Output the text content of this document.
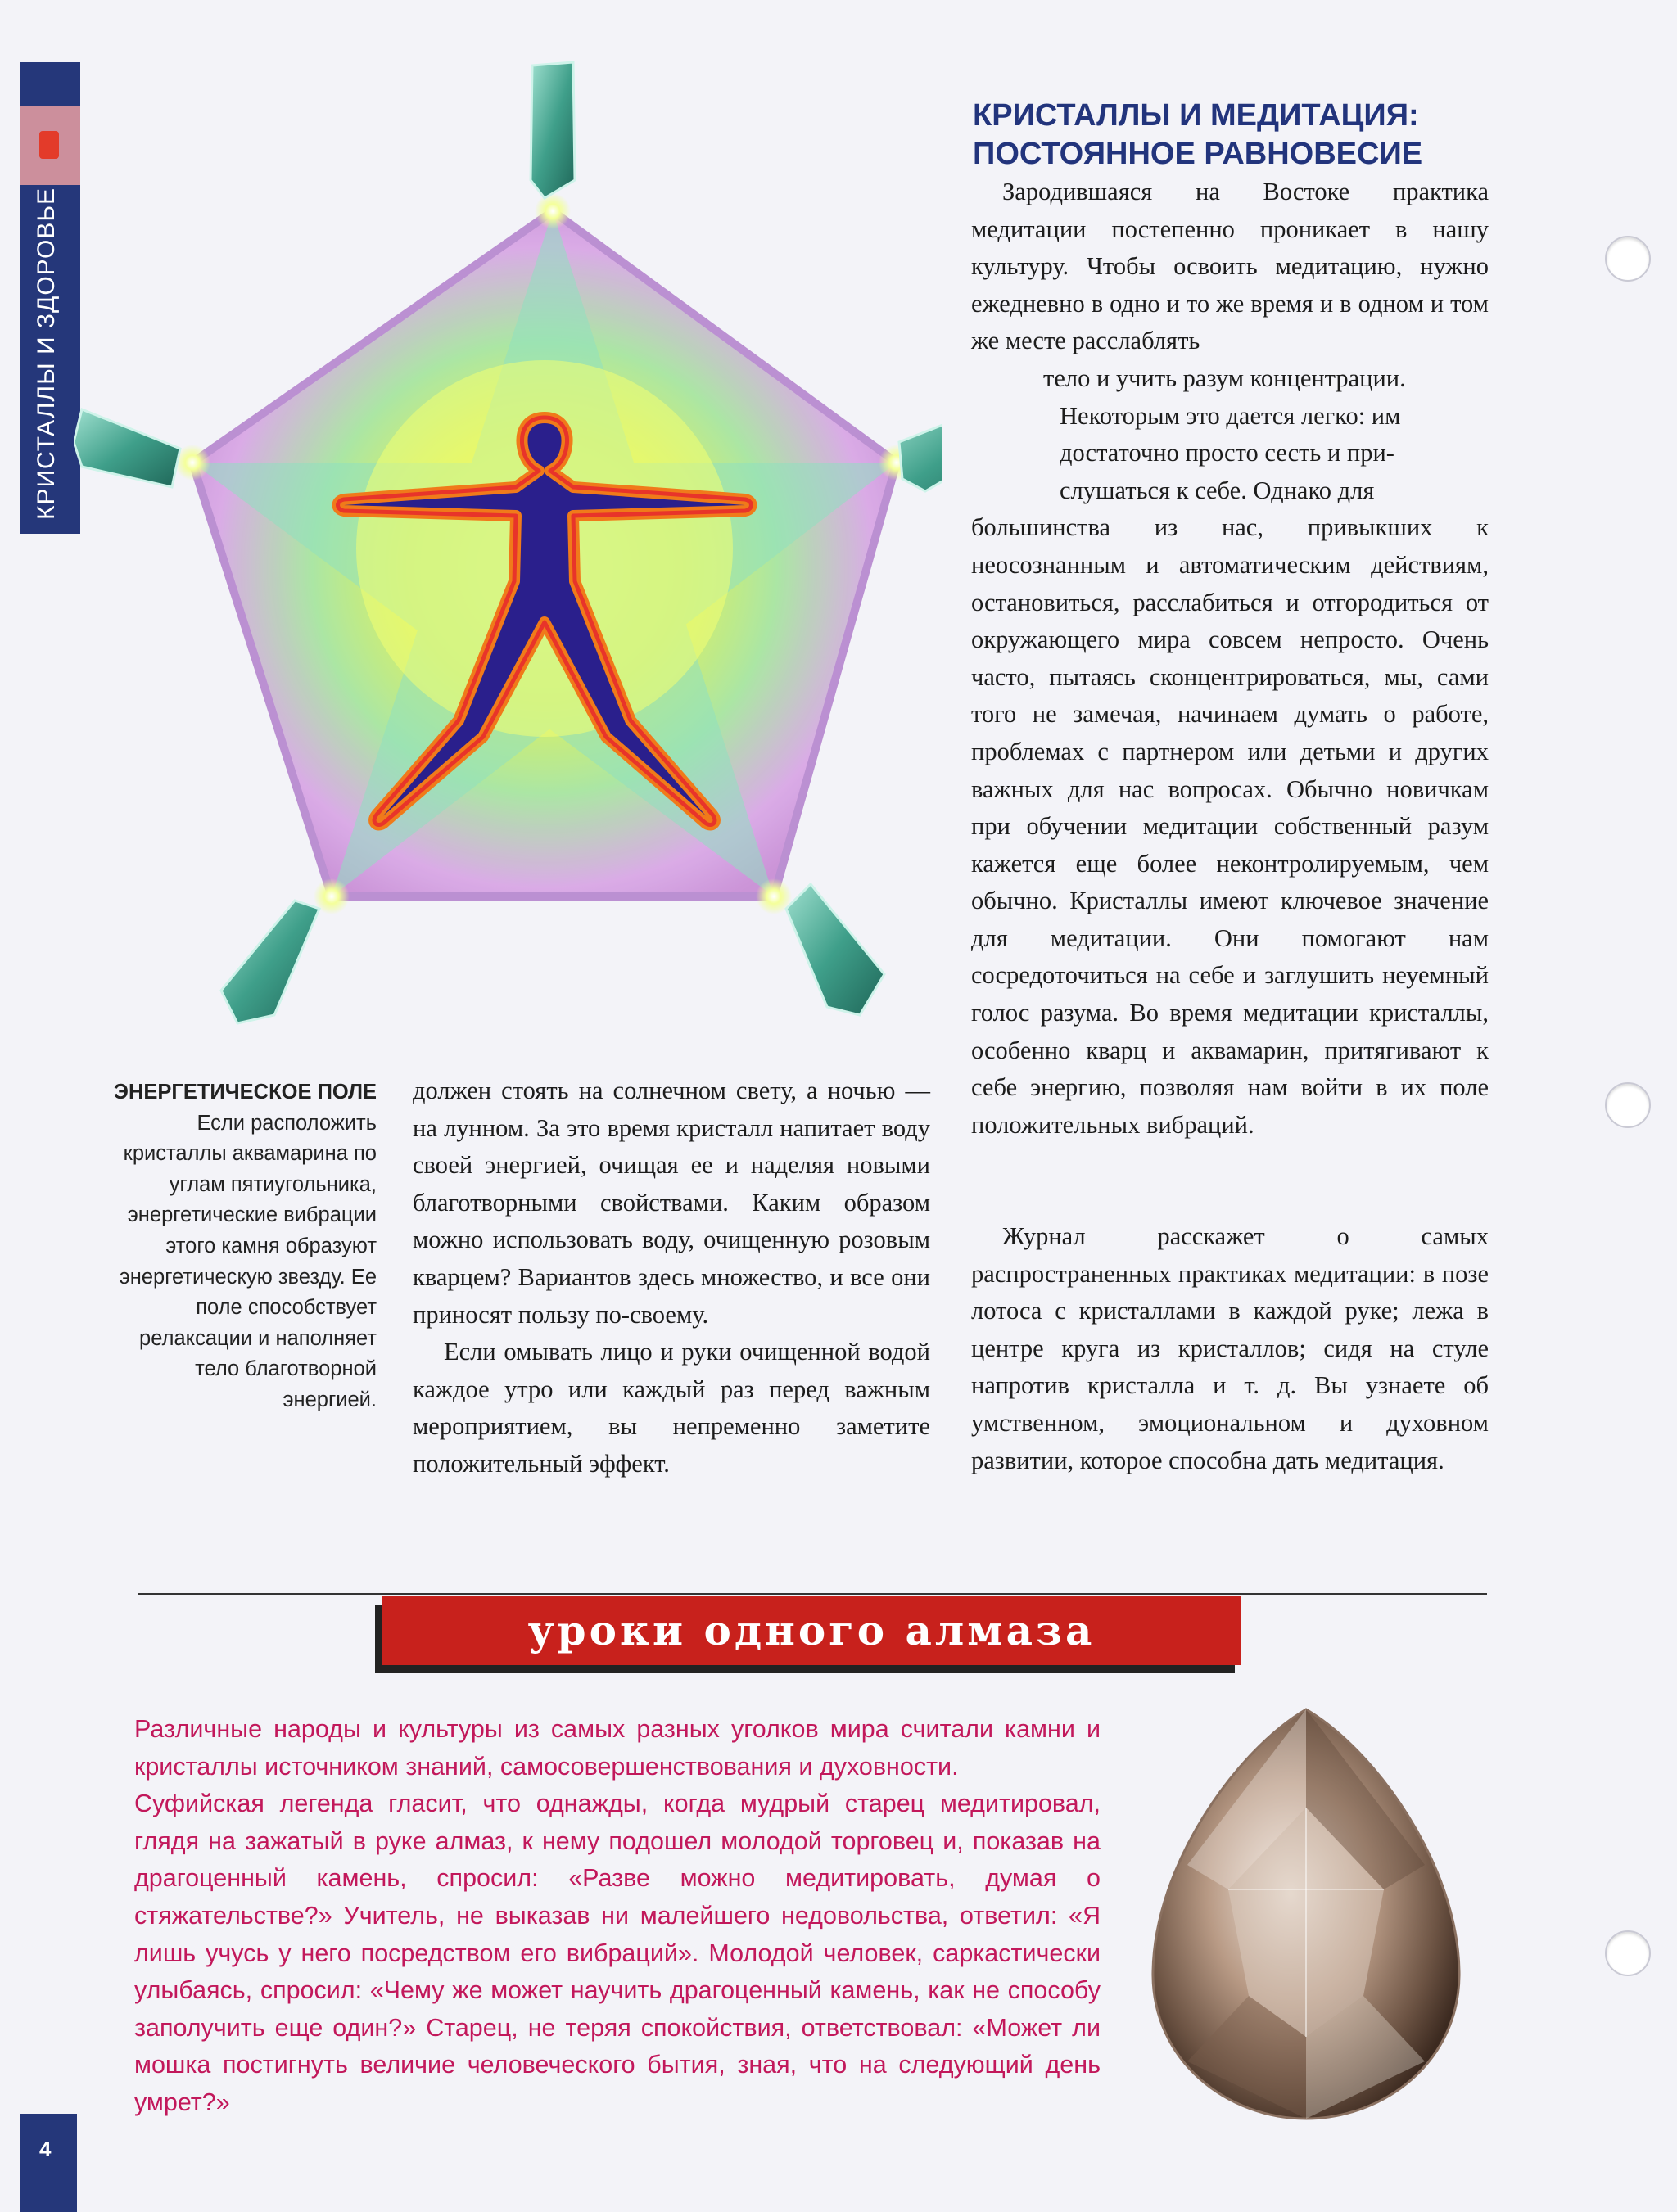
КРИСТАЛЛЫ И ЗДОРОВЬЕ
ЭНЕРГЕТИЧЕСКОЕ ПОЛЕ
Если расположить кристаллы аквамарина по углам пятиугольника, энергетические вибрации этого камня образуют энергетическую звезду. Ее поле способствует релаксации и наполняет тело благотворной энергией.
КРИСТАЛЛЫ И МЕДИТАЦИЯ:
ПОСТОЯННОЕ РАВНОВЕСИЕ

Зародившаяся на Востоке практика медитации постепенно проникает в нашу культуру. Чтобы освоить медитацию, нужно ежедневно в одно и то же время и в одном и том же месте расслаблять

тело и учить разум концентрации.
Некоторым это дается легко: им
достаточно просто сесть и при-
слушаться к себе. Однако для

большинства из нас, привыкших к неосознанным и автоматическим действиям, остановиться, расслабиться и отгородиться от окружающего мира совсем непросто. Очень часто, пытаясь сконцентрироваться, мы, сами того не замечая, начинаем думать о работе, проблемах с партнером или детьми и других важных для нас вопросах. Обычно новичкам при обучении медитации собственный разум кажется еще более неконтролируемым, чем обычно. Кристаллы имеют ключевое значение для медитации. Они помогают нам сосредоточиться на себе и заглушить неуемный голос разума. Во время медитации кристаллы, особенно кварц и аквамарин, притягивают к себе энергию, позволяя нам войти в их поле положительных вибраций.

Журнал расскажет о самых распространенных практиках медитации: в позе лотоса с кристаллами в каждой руке; лежа в центре круга из кристаллов; сидя на стуле напротив кристалла и т. д. Вы узнаете об умственном, эмоциональном и духовном развитии, которое способна дать медитация.

должен стоять на солнечном свету, а ночью — на лунном. За это время кристалл напитает воду своей энергией, очищая ее и наделяя новыми благотворными свойствами. Каким образом можно использовать воду, очищенную розовым кварцем? Вариантов здесь множество, и все они приносят пользу по-своему.

Если омывать лицо и руки очищенной водой каждое утро или каждый раз перед важным мероприятием, вы непременно заметите положительный эффект.

уроки одного алмаза

Различные народы и культуры из самых разных уголков мира считали камни и кристаллы источником знаний, самосовершенствования и духовности.

Суфийская легенда гласит, что однажды, когда мудрый старец медитировал, глядя на зажатый в руке алмаз, к нему подошел молодой торговец и, показав на драгоценный камень, спросил: «Разве можно медитировать, думая о стяжательстве?» Учитель, не выказав ни малейшего недовольства, ответил: «Я лишь учусь у него посредством его вибраций». Молодой человек, саркастически улыбаясь, спросил: «Чему же может научить драгоценный камень, как не способу заполучить еще один?» Старец, не теряя спокойствия, ответствовал: «Может ли мошка постигнуть величие человеческого бытия, зная, что на следующий день умрет?»

4
